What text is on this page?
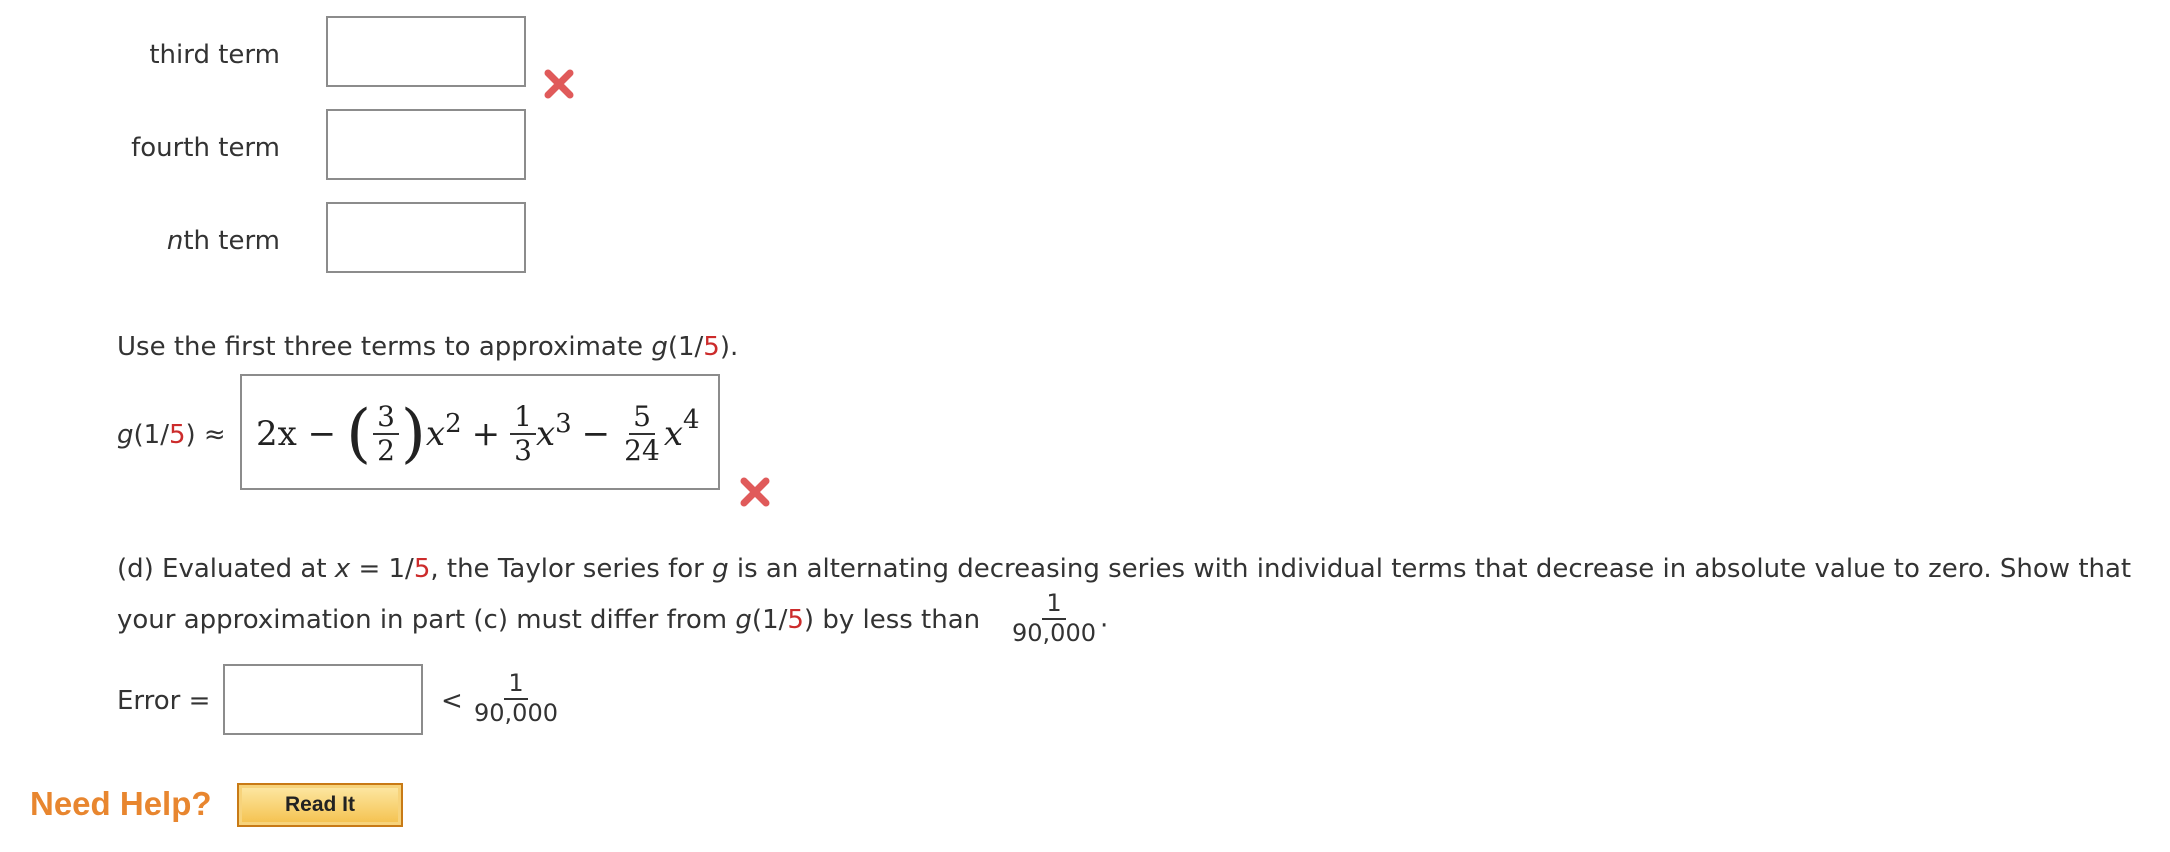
third term
fourth term
nth term
Use the first three terms to approximate g(1/5).
g(1/5) ≈ 2x − ( $\frac{3}{2}$ ) $x^2 + \frac{1}{3} x^3 - \frac{5}{24} x^4$
(d) Evaluated at x = 1/5, the Taylor series for g is an alternating decreasing series with individual terms that decrease in absolute value to zero. Show that
your approximation in part (c) must differ from g(1/5) by less than $\frac{1}{90,000}$ .
Error =	< $\frac{1}{90,000}$
Need Help?	Read It
